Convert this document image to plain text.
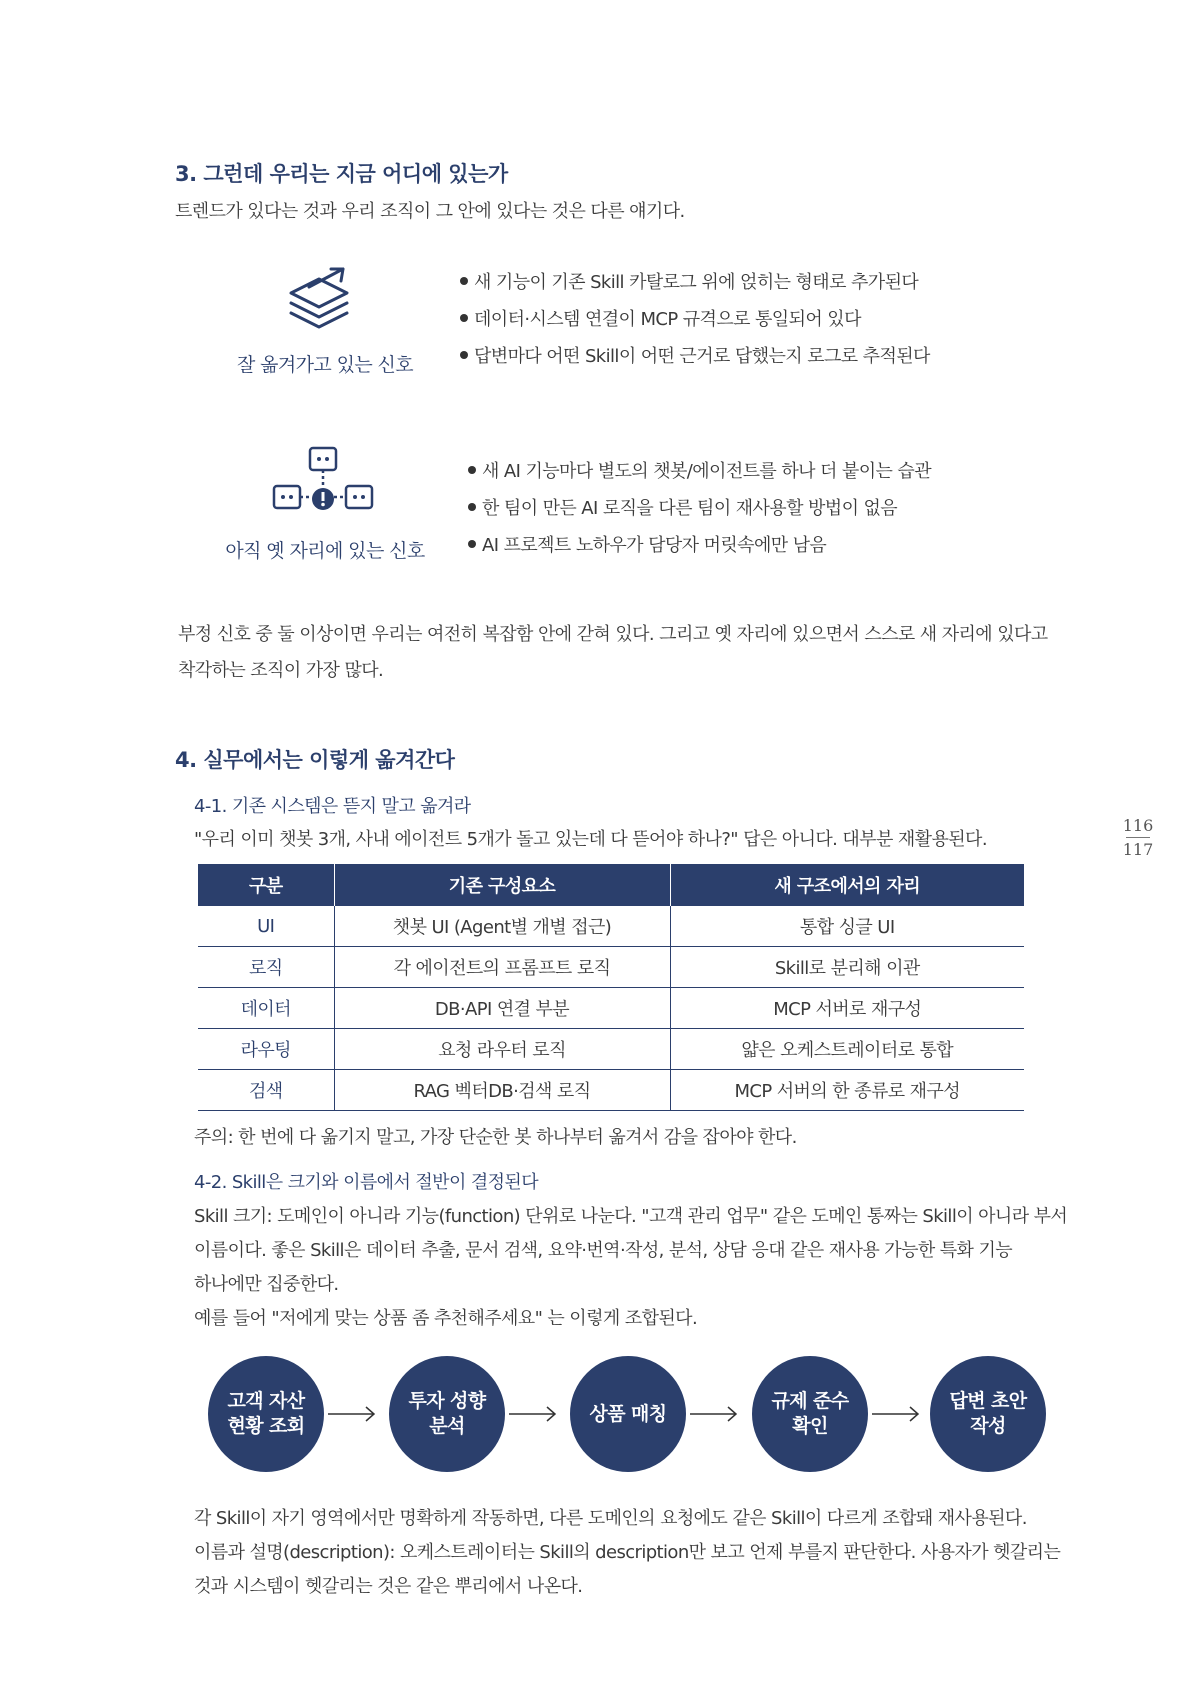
3. 그런데 우리는 지금 어디에 있는가
트렌드가 있다는 것과 우리 조직이 그 안에 있다는 것은 다른 얘기다.
잘 옮겨가고 있는 신호
새 기능이 기존 Skill 카탈로그 위에 얹히는 형태로 추가된다
데이터·시스템 연결이 MCP 규격으로 통일되어 있다
답변마다 어떤 Skill이 어떤 근거로 답했는지 로그로 추적된다
아직 옛 자리에 있는 신호
새 AI 기능마다 별도의 챗봇/에이전트를 하나 더 붙이는 습관
한 팀이 만든 AI 로직을 다른 팀이 재사용할 방법이 없음
AI 프로젝트 노하우가 담당자 머릿속에만 남음
부정 신호 중 둘 이상이면 우리는 여전히 복잡함 안에 갇혀 있다. 그리고 옛 자리에 있으면서 스스로 새 자리에 있다고
착각하는 조직이 가장 많다.
4. 실무에서는 이렇게 옮겨간다
4-1. 기존 시스템은 뜯지 말고 옮겨라
"우리 이미 챗봇 3개, 사내 에이전트 5개가 돌고 있는데 다 뜯어야 하나?" 답은 아니다. 대부분 재활용된다.
116
117
구분	기존 구성요소	새 구조에서의 자리
UI	챗봇 UI (Agent별 개별 접근)	통합 싱글 UI
로직	각 에이전트의 프롬프트 로직	Skill로 분리해 이관
데이터	DB·API 연결 부분	MCP 서버로 재구성
라우팅	요청 라우터 로직	얇은 오케스트레이터로 통합
검색	RAG 벡터DB·검색 로직	MCP 서버의 한 종류로 재구성
주의: 한 번에 다 옮기지 말고, 가장 단순한 봇 하나부터 옮겨서 감을 잡아야 한다.
4-2. Skill은 크기와 이름에서 절반이 결정된다
Skill 크기: 도메인이 아니라 기능(function) 단위로 나눈다. "고객 관리 업무" 같은 도메인 통짜는 Skill이 아니라 부서
이름이다. 좋은 Skill은 데이터 추출, 문서 검색, 요약·번역·작성, 분석, 상담 응대 같은 재사용 가능한 특화 기능
하나에만 집중한다.
예를 들어 "저에게 맞는 상품 좀 추천해주세요" 는 이렇게 조합된다.
고객 자산
현황 조회
투자 성향
분석
상품 매칭
규제 준수
확인
답변 초안
작성
각 Skill이 자기 영역에서만 명확하게 작동하면, 다른 도메인의 요청에도 같은 Skill이 다르게 조합돼 재사용된다.
이름과 설명(description): 오케스트레이터는 Skill의 description만 보고 언제 부를지 판단한다. 사용자가 헷갈리는
것과 시스템이 헷갈리는 것은 같은 뿌리에서 나온다.
